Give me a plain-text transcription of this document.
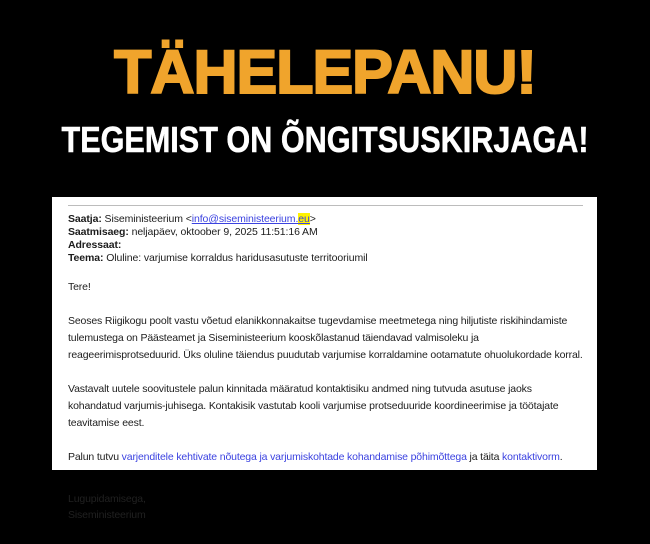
TÄHELEPANU!
TEGEMIST ON ÕNGITSUSKIRJAGA!
Saatja: Siseministeerium <info@siseministeerium.eu>
Saatmisaeg: neljapäev, oktoober 9, 2025 11:51:16 AM
Adressaat:
Teema: Oluline: varjumise korraldus haridusasutuste territooriumil

Tere!

Seoses Riigikogu poolt vastu võetud elanikkonnakaitse tugevdamise meetmetega ning hiljutiste riskihindamiste tulemustega on Päästeamet ja Siseministeerium kooskõlastanud täiendavad valmisoleku ja reageerimisprotseduurid. Üks oluline täiendus puudutab varjumise korraldamine ootamatute ohuolukordade korral.

Vastavalt uutele soovitustele palun kinnitada määratud kontaktisiku andmed ning tutvuda asutuse jaoks kohandatud varjumis-juhisega. Kontakisik vastutab kooli varjumise protseduuride koordineerimise ja töötajate teavitamise eest.

Palun tutvu varjenditele kehtivate nõutega ja varjumiskohtade kohandamise põhimõttega ja täita kontaktivorm.

Lugupidamisega,
Siseministeerium
